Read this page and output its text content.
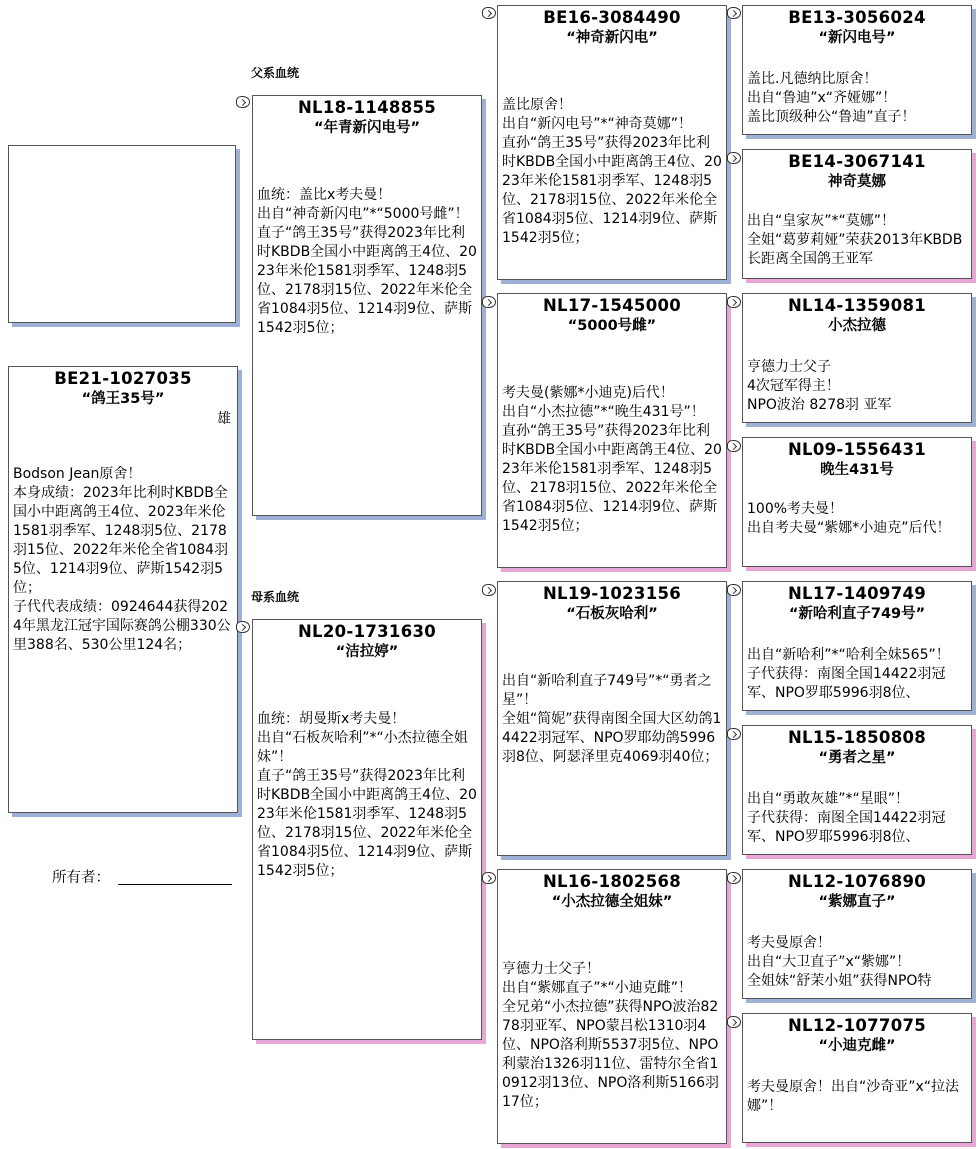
BE21-1027035
“鸽王35号”
雄

Bodson Jean原舍！
本身成绩：2023年比利时KBDB全国小中距离鸽王4位、2023年米伦1581羽季军、1248羽5位、2178羽15位、2022年米伦全省1084羽5位、1214羽9位、萨斯1542羽5位；
子代代表成绩：0924644获得2024年黑龙江冠宇国际赛鸽公棚330公里388名、530公里124名；

所有者：
父系血统
母系血统
NL18-1148855
“年青新闪电号”

血统：盖比x考夫曼！
出自“神奇新闪电”*“5000号雌”！
直子“鸽王35号”获得2023年比利时KBDB全国小中距离鸽王4位、2023年米伦1581羽季军、1248羽5位、2178羽15位、2022年米伦全省1084羽5位、1214羽9位、萨斯1542羽5位；

NL20-1731630
“洁拉婷”

血统：胡曼斯x考夫曼！
出自“石板灰哈利”*“小杰拉德全姐妹”！
直子“鸽王35号”获得2023年比利时KBDB全国小中距离鸽王4位、2023年米伦1581羽季军、1248羽5位、2178羽15位、2022年米伦全省1084羽5位、1214羽9位、萨斯1542羽5位；

BE16-3084490
“神奇新闪电”

盖比原舍！
出自“新闪电号”*“神奇莫娜”！
直孙“鸽王35号”获得2023年比利时KBDB全国小中距离鸽王4位、2023年米伦1581羽季军、1248羽5位、2178羽15位、2022年米伦全省1084羽5位、1214羽9位、萨斯1542羽5位；

NL17-1545000
“5000号雌”

考夫曼(紫娜*小迪克)后代！
出自“小杰拉德”*“晚生431号”！
直孙“鸽王35号”获得2023年比利时KBDB全国小中距离鸽王4位、2023年米伦1581羽季军、1248羽5位、2178羽15位、2022年米伦全省1084羽5位、1214羽9位、萨斯1542羽5位；

NL19-1023156
“石板灰哈利”

出自“新哈利直子749号”*“勇者之星”！
全姐“简妮”获得南图全国大区幼鸽14422羽冠军、NPO罗耶幼鸽5996羽8位、阿瑟泽里克4069羽40位；

NL16-1802568
“小杰拉德全姐妹”

亨德力士父子！
出自“紫娜直子”*“小迪克雌”！
全兄弟“小杰拉德”获得NPO波治8278羽亚军、NPO蒙吕松1310羽4位、NPO洛利斯5537羽5位、NPO利蒙治1326羽11位、雷特尔全省10912羽13位、NPO洛利斯5166羽17位；

BE13-3056024
“新闪电号”

盖比.凡德纳比原舍！
出自“鲁迪”x“齐娅娜”！
盖比顶级种公“鲁迪”直子！

BE14-3067141
神奇莫娜

出自“皇家灰”*“莫娜”！
全姐“葛萝莉娅”荣获2013年KBDB长距离全国鸽王亚军

NL14-1359081
小杰拉德

亨德力士父子
4次冠军得主！
NPO波治 8278羽 亚军

NL09-1556431
晚生431号

100%考夫曼！
出自考夫曼“紫娜*小迪克”后代！

NL17-1409749
“新哈利直子749号”

出自“新哈利”*“哈利全妹565”！
子代获得：南图全国14422羽冠军、NPO罗耶5996羽8位、

NL15-1850808
“勇者之星”

出自“勇敢灰雄”*“星眼”！
子代获得：南图全国14422羽冠军、NPO罗耶5996羽8位、

NL12-1076890
“紫娜直子”

考夫曼原舍！
出自“大卫直子”x“紫娜”！
全姐妹“舒茉小姐”获得NPO特

NL12-1077075
“小迪克雌”

考夫曼原舍！出自“沙奇亚”x“拉法娜”！
